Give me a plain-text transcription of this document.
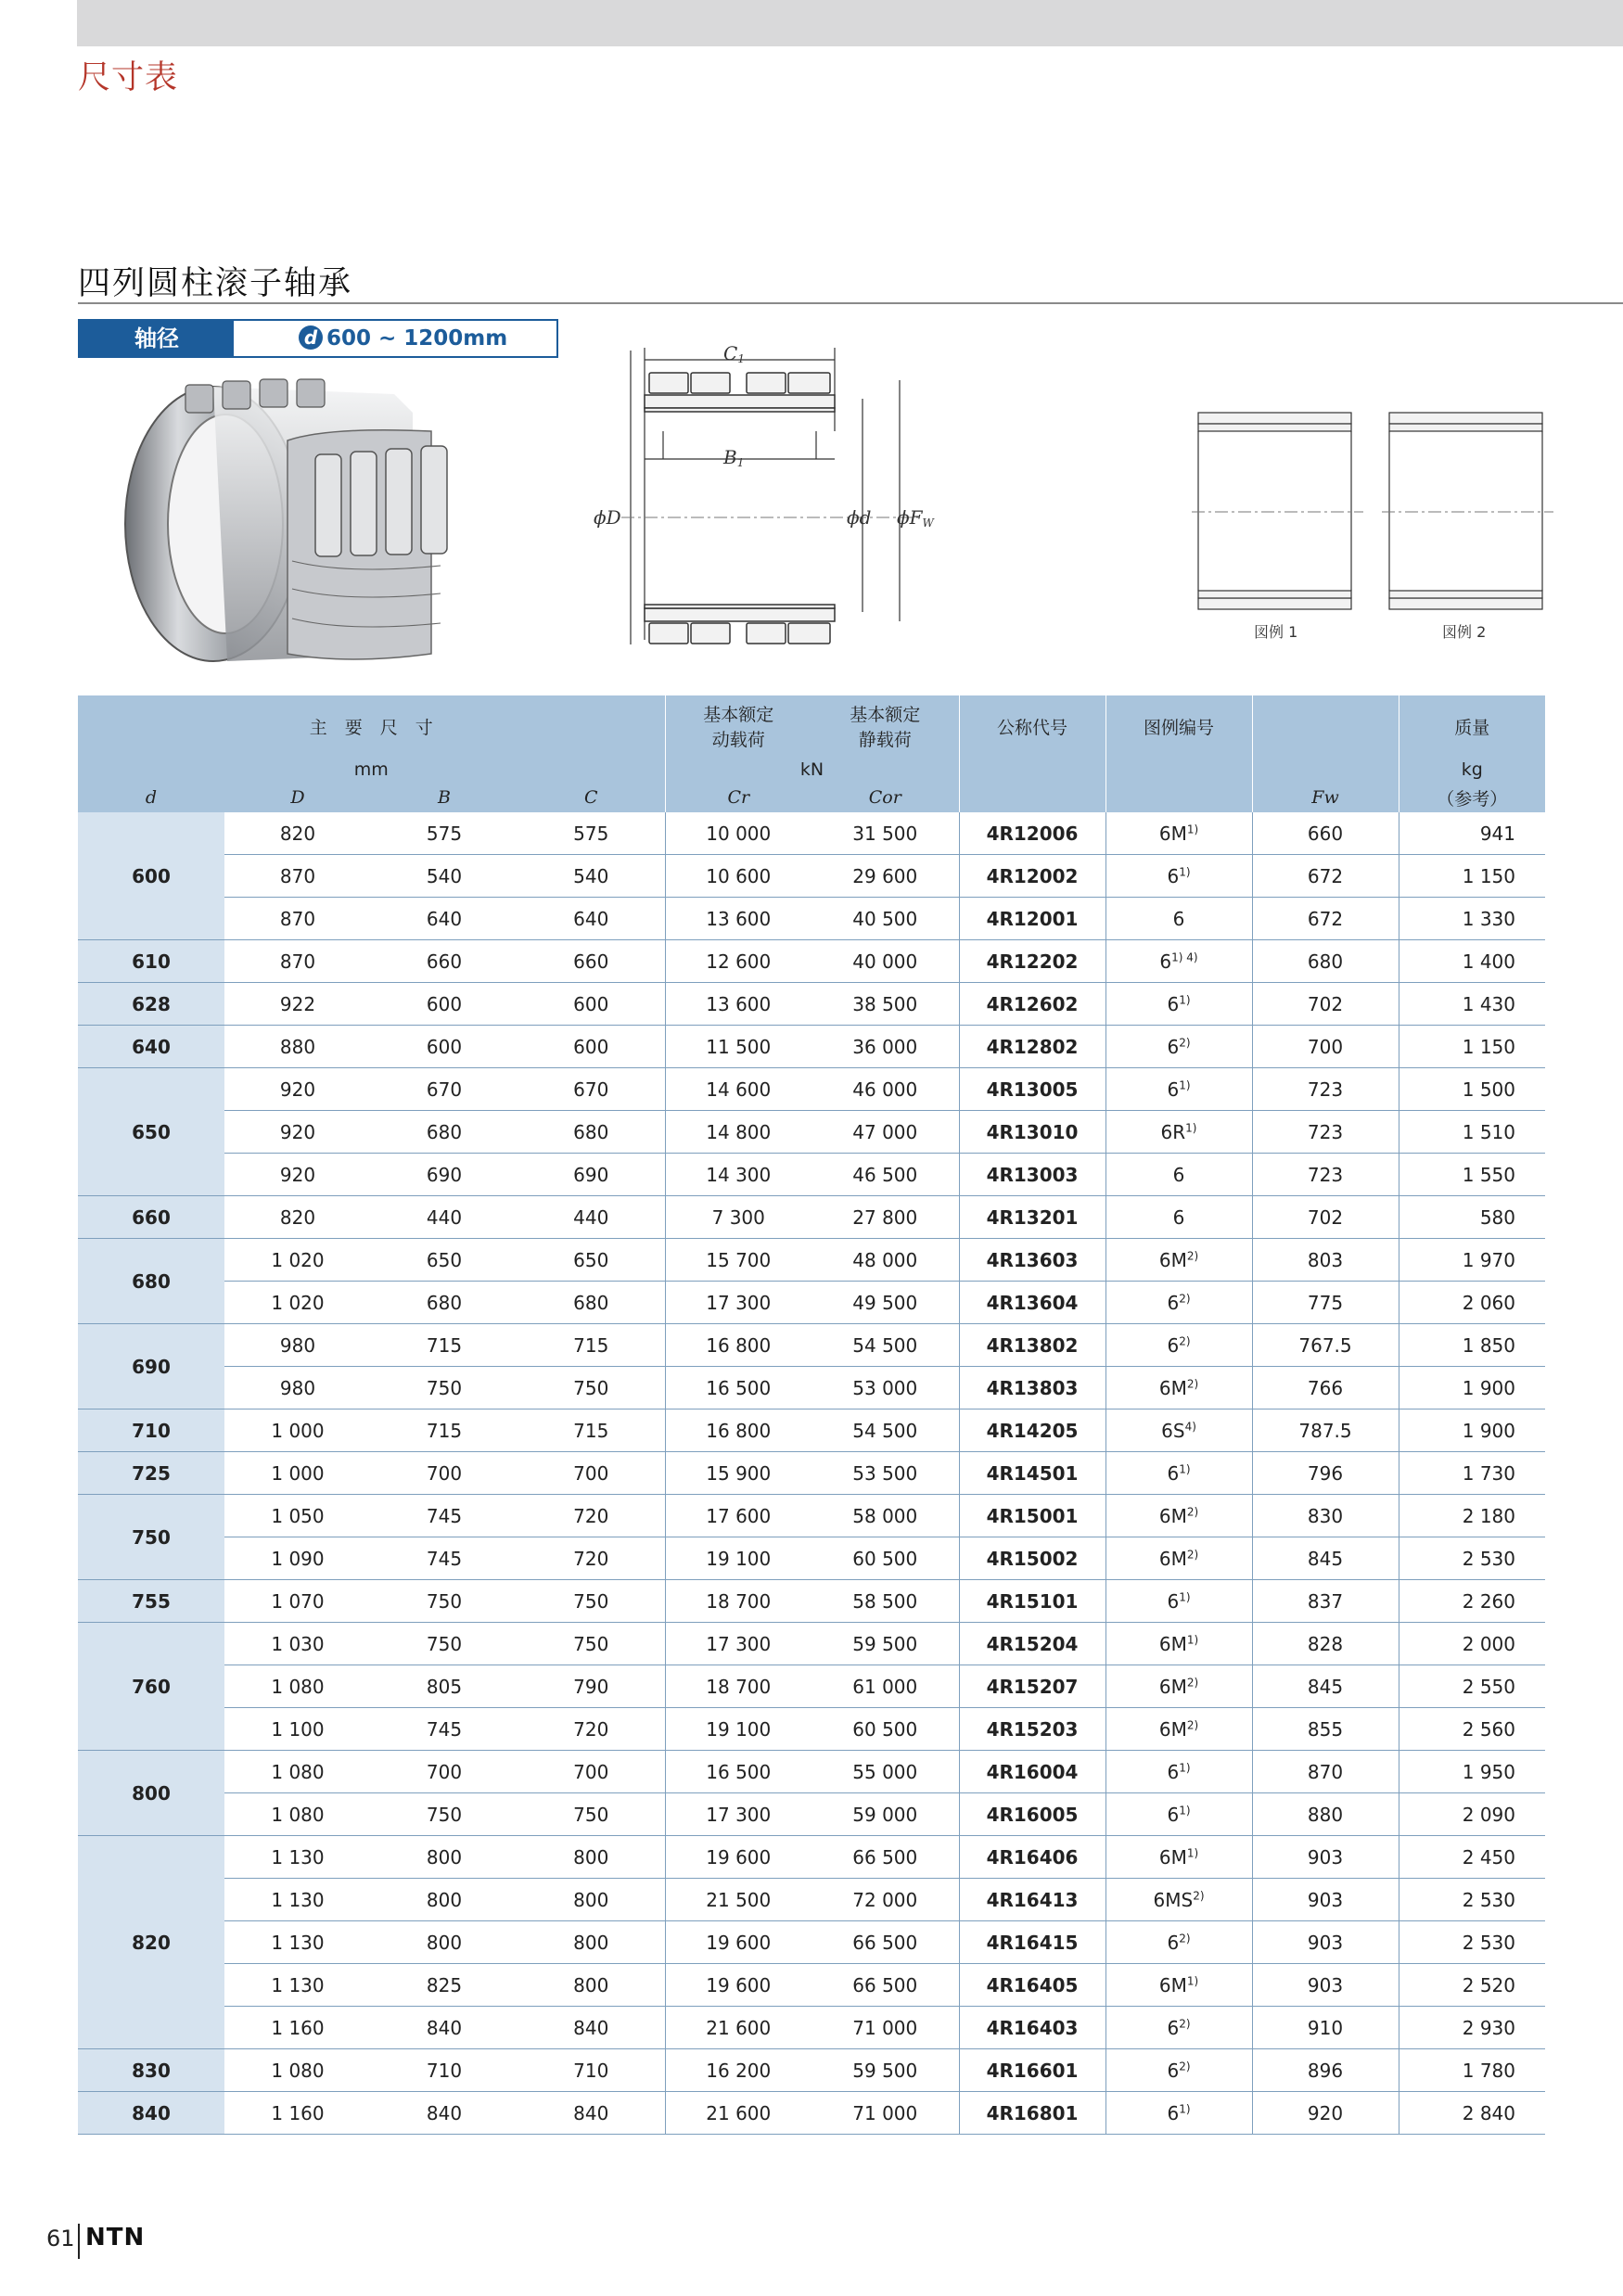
尺寸表
四列圆柱滚子轴承
轴径	d 600 ~ 1200mm
C1
B1
ϕD	ϕd ϕFW
図例 1	図例 2
主　要　尺　寸				基本额定
动载荷	基本额定
静载荷	公称代号	图例编号		质量
mm				kN					kg
d	D	B	C	Cr	Cor			Fw	（参考）
600	820	575	575	10 000	31 500	4R12006	$6M^{1)}$	660	941
	870	540	540	10 600	29 600	4R12002	6$^{1)}$	672	1 150
	870	640	640	13 600	40 500	4R12001	6	672	1 330
610	870	660	660	12 600	40 000	4R12202	$6^{1) 4)}$	680	1 400
628	922	600	600	13 600	38 500	4R12602	6$^{1)}$	702	1 430
640	880	600	600	11 500	36 000	4R12802	6$^{2)}$	700	1 150
650	920	670	670	14 600	46 000	4R13005	6$^{1)}$	723	1 500
	920	680	680	14 800	47 000	4R13010	$6R^{1)}$	723	1 510
	920	690	690	14 300	46 500	4R13003	6	723	1 550
660	820	440	440	7 300	27 800	4R13201	6	702	580
680	1 020	650	650	15 700	48 000	4R13603	$6M^{2)}$	803	1 970
	1 020	680	680	17 300	49 500	4R13604	6$^{2)}$	775	2 060
690	980	715	715	16 800	54 500	4R13802	6$^{2)}$	767.5	1 850
	980	750	750	16 500	53 000	4R13803	$6M^{2)}$	766	1 900
710	1 000	715	715	16 800	54 500	4R14205	$6S^{4)}$	787.5	1 900
725	1 000	700	700	15 900	53 500	4R14501	6$^{1)}$	796	1 730
750	1 050	745	720	17 600	58 000	4R15001	$6M^{2)}$	830	2 180
	1 090	745	720	19 100	60 500	4R15002	$6M^{2)}$	845	2 530
755	1 070	750	750	18 700	58 500	4R15101	6$^{1)}$	837	2 260
760	1 030	750	750	17 300	59 500	4R15204	$6M^{1)}$	828	2 000
	1 080	805	790	18 700	61 000	4R15207	$6M^{2)}$	845	2 550
	1 100	745	720	19 100	60 500	4R15203	$6M^{2)}$	855	2 560
800	1 080	700	700	16 500	55 000	4R16004	6$^{1)}$	870	1 950
	1 080	750	750	17 300	59 000	4R16005	6$^{1)}$	880	2 090
820	1 130	800	800	19 600	66 500	4R16406	$6M^{1)}$	903	2 450
	1 130	800	800	21 500	72 000	4R16413	6MS$^{2)}$	903	2 530
	1 130	800	800	19 600	66 500	4R16415	6$^{2)}$	903	2 530
	1 130	825	800	19 600	66 500	4R16405	$6M^{1)}$	903	2 520
	1 160	840	840	21 600	71 000	4R16403	6$^{2)}$	910	2 930
830	1 080	710	710	16 200	59 500	4R16601	6$^{2)}$	896	1 780
840	1 160	840	840	21 600	71 000	4R16801	6$^{1)}$	920	2 840
61 NTN
